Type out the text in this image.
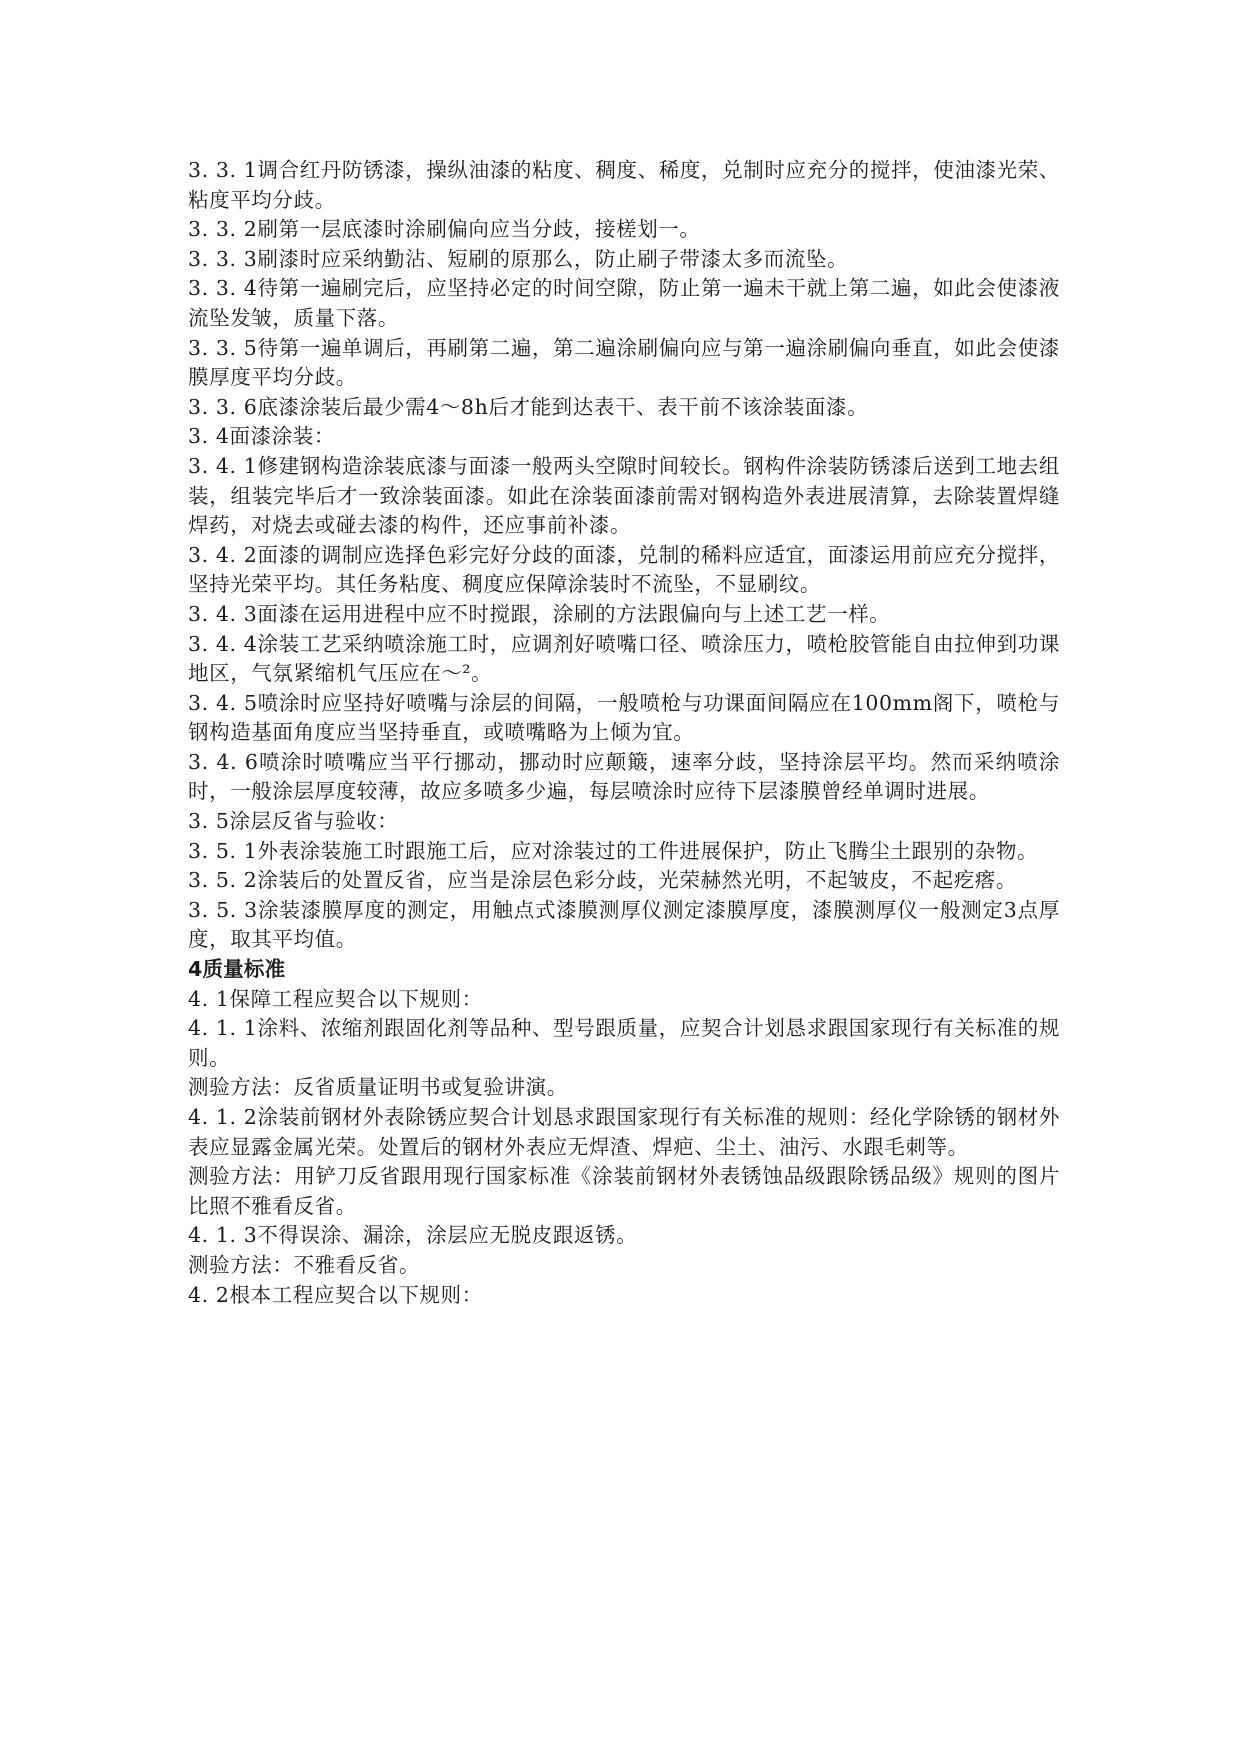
3. 3. 1调合红丹防锈漆，操纵油漆的粘度、稠度、稀度，兑制时应充分的搅拌，使油漆光荣、粘度平均分歧。

3. 3. 2刷第一层底漆时涂刷偏向应当分歧，接槎划一。

3. 3. 3刷漆时应采纳勤沾、短刷的原那么，防止刷子带漆太多而流坠。

3. 3. 4待第一遍刷完后，应坚持必定的时间空隙，防止第一遍未干就上第二遍，如此会使漆液流坠发皱，质量下落。

3. 3. 5待第一遍单调后，再刷第二遍，第二遍涂刷偏向应与第一遍涂刷偏向垂直，如此会使漆膜厚度平均分歧。

3. 3. 6底漆涂装后最少需4～8h后才能到达表干、表干前不该涂装面漆。

3. 4面漆涂装：

3. 4. 1修建钢构造涂装底漆与面漆一般两头空隙时间较长。钢构件涂装防锈漆后送到工地去组装，组装完毕后才一致涂装面漆。如此在涂装面漆前需对钢构造外表进展清算，去除装置焊缝焊药，对烧去或碰去漆的构件，还应事前补漆。

3. 4. 2面漆的调制应选择色彩完好分歧的面漆，兑制的稀料应适宜，面漆运用前应充分搅拌，坚持光荣平均。其任务粘度、稠度应保障涂装时不流坠，不显刷纹。

3. 4. 3面漆在运用进程中应不时搅跟，涂刷的方法跟偏向与上述工艺一样。

3. 4. 4涂装工艺采纳喷涂施工时，应调剂好喷嘴口径、喷涂压力，喷枪胶管能自由拉伸到功课地区，气氛紧缩机气压应在～²。

3. 4. 5喷涂时应坚持好喷嘴与涂层的间隔，一般喷枪与功课面间隔应在100mm阁下，喷枪与钢构造基面角度应当坚持垂直，或喷嘴略为上倾为宜。

3. 4. 6喷涂时喷嘴应当平行挪动，挪动时应颠簸，速率分歧，坚持涂层平均。然而采纳喷涂时，一般涂层厚度较薄，故应多喷多少遍，每层喷涂时应待下层漆膜曾经单调时进展。

3. 5涂层反省与验收：

3. 5. 1外表涂装施工时跟施工后，应对涂装过的工件进展保护，防止飞腾尘土跟别的杂物。

3. 5. 2涂装后的处置反省，应当是涂层色彩分歧，光荣赫然光明，不起皱皮，不起疙瘩。

3. 5. 3涂装漆膜厚度的测定，用触点式漆膜测厚仪测定漆膜厚度，漆膜测厚仪一般测定3点厚度，取其平均值。

4质量标准

4. 1保障工程应契合以下规则：

4. 1. 1涂料、浓缩剂跟固化剂等品种、型号跟质量，应契合计划恳求跟国家现行有关标准的规则。

测验方法：反省质量证明书或复验讲演。

4. 1. 2涂装前钢材外表除锈应契合计划恳求跟国家现行有关标准的规则：经化学除锈的钢材外表应显露金属光荣。处置后的钢材外表应无焊渣、焊疤、尘土、油污、水跟毛刺等。

测验方法：用铲刀反省跟用现行国家标准《涂装前钢材外表锈蚀品级跟除锈品级》规则的图片比照不雅看反省。

4. 1. 3不得误涂、漏涂，涂层应无脱皮跟返锈。

测验方法：不雅看反省。

4. 2根本工程应契合以下规则：
